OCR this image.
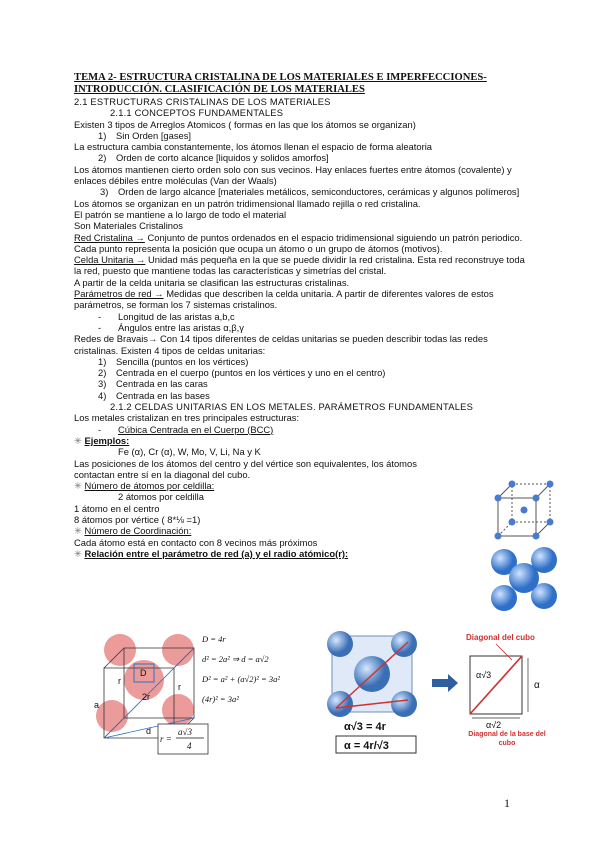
TEMA 2- ESTRUCTURA CRISTALINA DE LOS MATERIALES E IMPERFECCIONES- INTRODUCCIÓN. CLASIFICACIÓN DE LOS MATERIALES
2.1 ESTRUCTURAS CRISTALINAS DE LOS MATERIALES
2.1.1 CONCEPTOS FUNDAMENTALES
Existen 3 tipos de Arreglos Atomicos ( formas en las que los átomos se organizan)
1) Sin Orden [gases]
La estructura cambia constantemente, los átomos llenan el espacio de forma aleatoria
2) Orden de corto alcance [liquidos y solidos amorfos]
Los átomos mantienen cierto orden solo con sus vecinos. Hay enlaces fuertes entre átomos (covalente) y enlaces débiles entre moléculas (Van der Waals)
3) Orden de largo alcance [materiales metálicos, semiconductores, cerámicas y algunos polímeros]
Los átomos se organizan en un patrón tridimensional llamado rejilla o red cristalina.
El patrón se mantiene a lo largo de todo el material
Son Materiales Cristalinos
Red Cristalina → Conjunto de puntos ordenados en el espacio tridimensional siguiendo un patrón periodico. Cada punto representa la posición que ocupa un átomo o un grupo de átomos (motivos).
Celda Unitaria → Unidad más pequeña en la que se puede dividir la red cristalina. Esta red reconstruye toda la red, puesto que mantiene todas las características y simetrías del cristal.
A partir de la celda unitaria se clasifican las estructuras cristalinas.
Parámetros de red → Medidas que describen la celda unitaria. A partir de diferentes valores de estos parámetros, se forman los 7 sistemas cristalinos.
- Longitud de las aristas a,b,c
- Ángulos entre las aristas α,β,γ
Redes de Bravais→ Con 14 tipos diferentes de celdas unitarias se pueden describir todas las redes cristalinas. Existen 4 tipos de celdas unitarias:
1) Sencilla (puntos en los vértices)
2) Centrada en el cuerpo (puntos en los vértices y uno en el centro)
3) Centrada en las caras
4) Centrada en las bases
2.1.2 CELDAS UNITARIAS EN LOS METALES. PARÁMETROS FUNDAMENTALES
Los metales cristalizan en tres principales estructuras:
- Cúbica Centrada en el Cuerpo (BCC)
✳ Ejemplos:
Fe (α), Cr (α), W, Mo, V, Li, Na y K
Las posiciones de los átomos del centro y del vértice son equivalentes, los átomos contactan entre sí en la diagonal del cubo.
✳ Número de átomos por celdilla:
2 átomos por celdilla
1 átomo en el centro
8 átomos por vértice ( 8*⅛ =1)
✳ Número de Coordinación:
Cada átomo está en contacto con 8 vecinos más próximos
✳ Relación entre el parámetro de red (a) y el radio atómico(r):
r
D
2r
a
d
r
D = 4r
d² = 2a² ⇒ d = a√2
D² = a² + (a√2)² = 3a²
(4r)² = 3a²
r =
a√3
4
α√3 = 4r
α = 4r/√3
Diagonal del cubo
α√3
α
α√2
Diagonal de la base del cubo
1
